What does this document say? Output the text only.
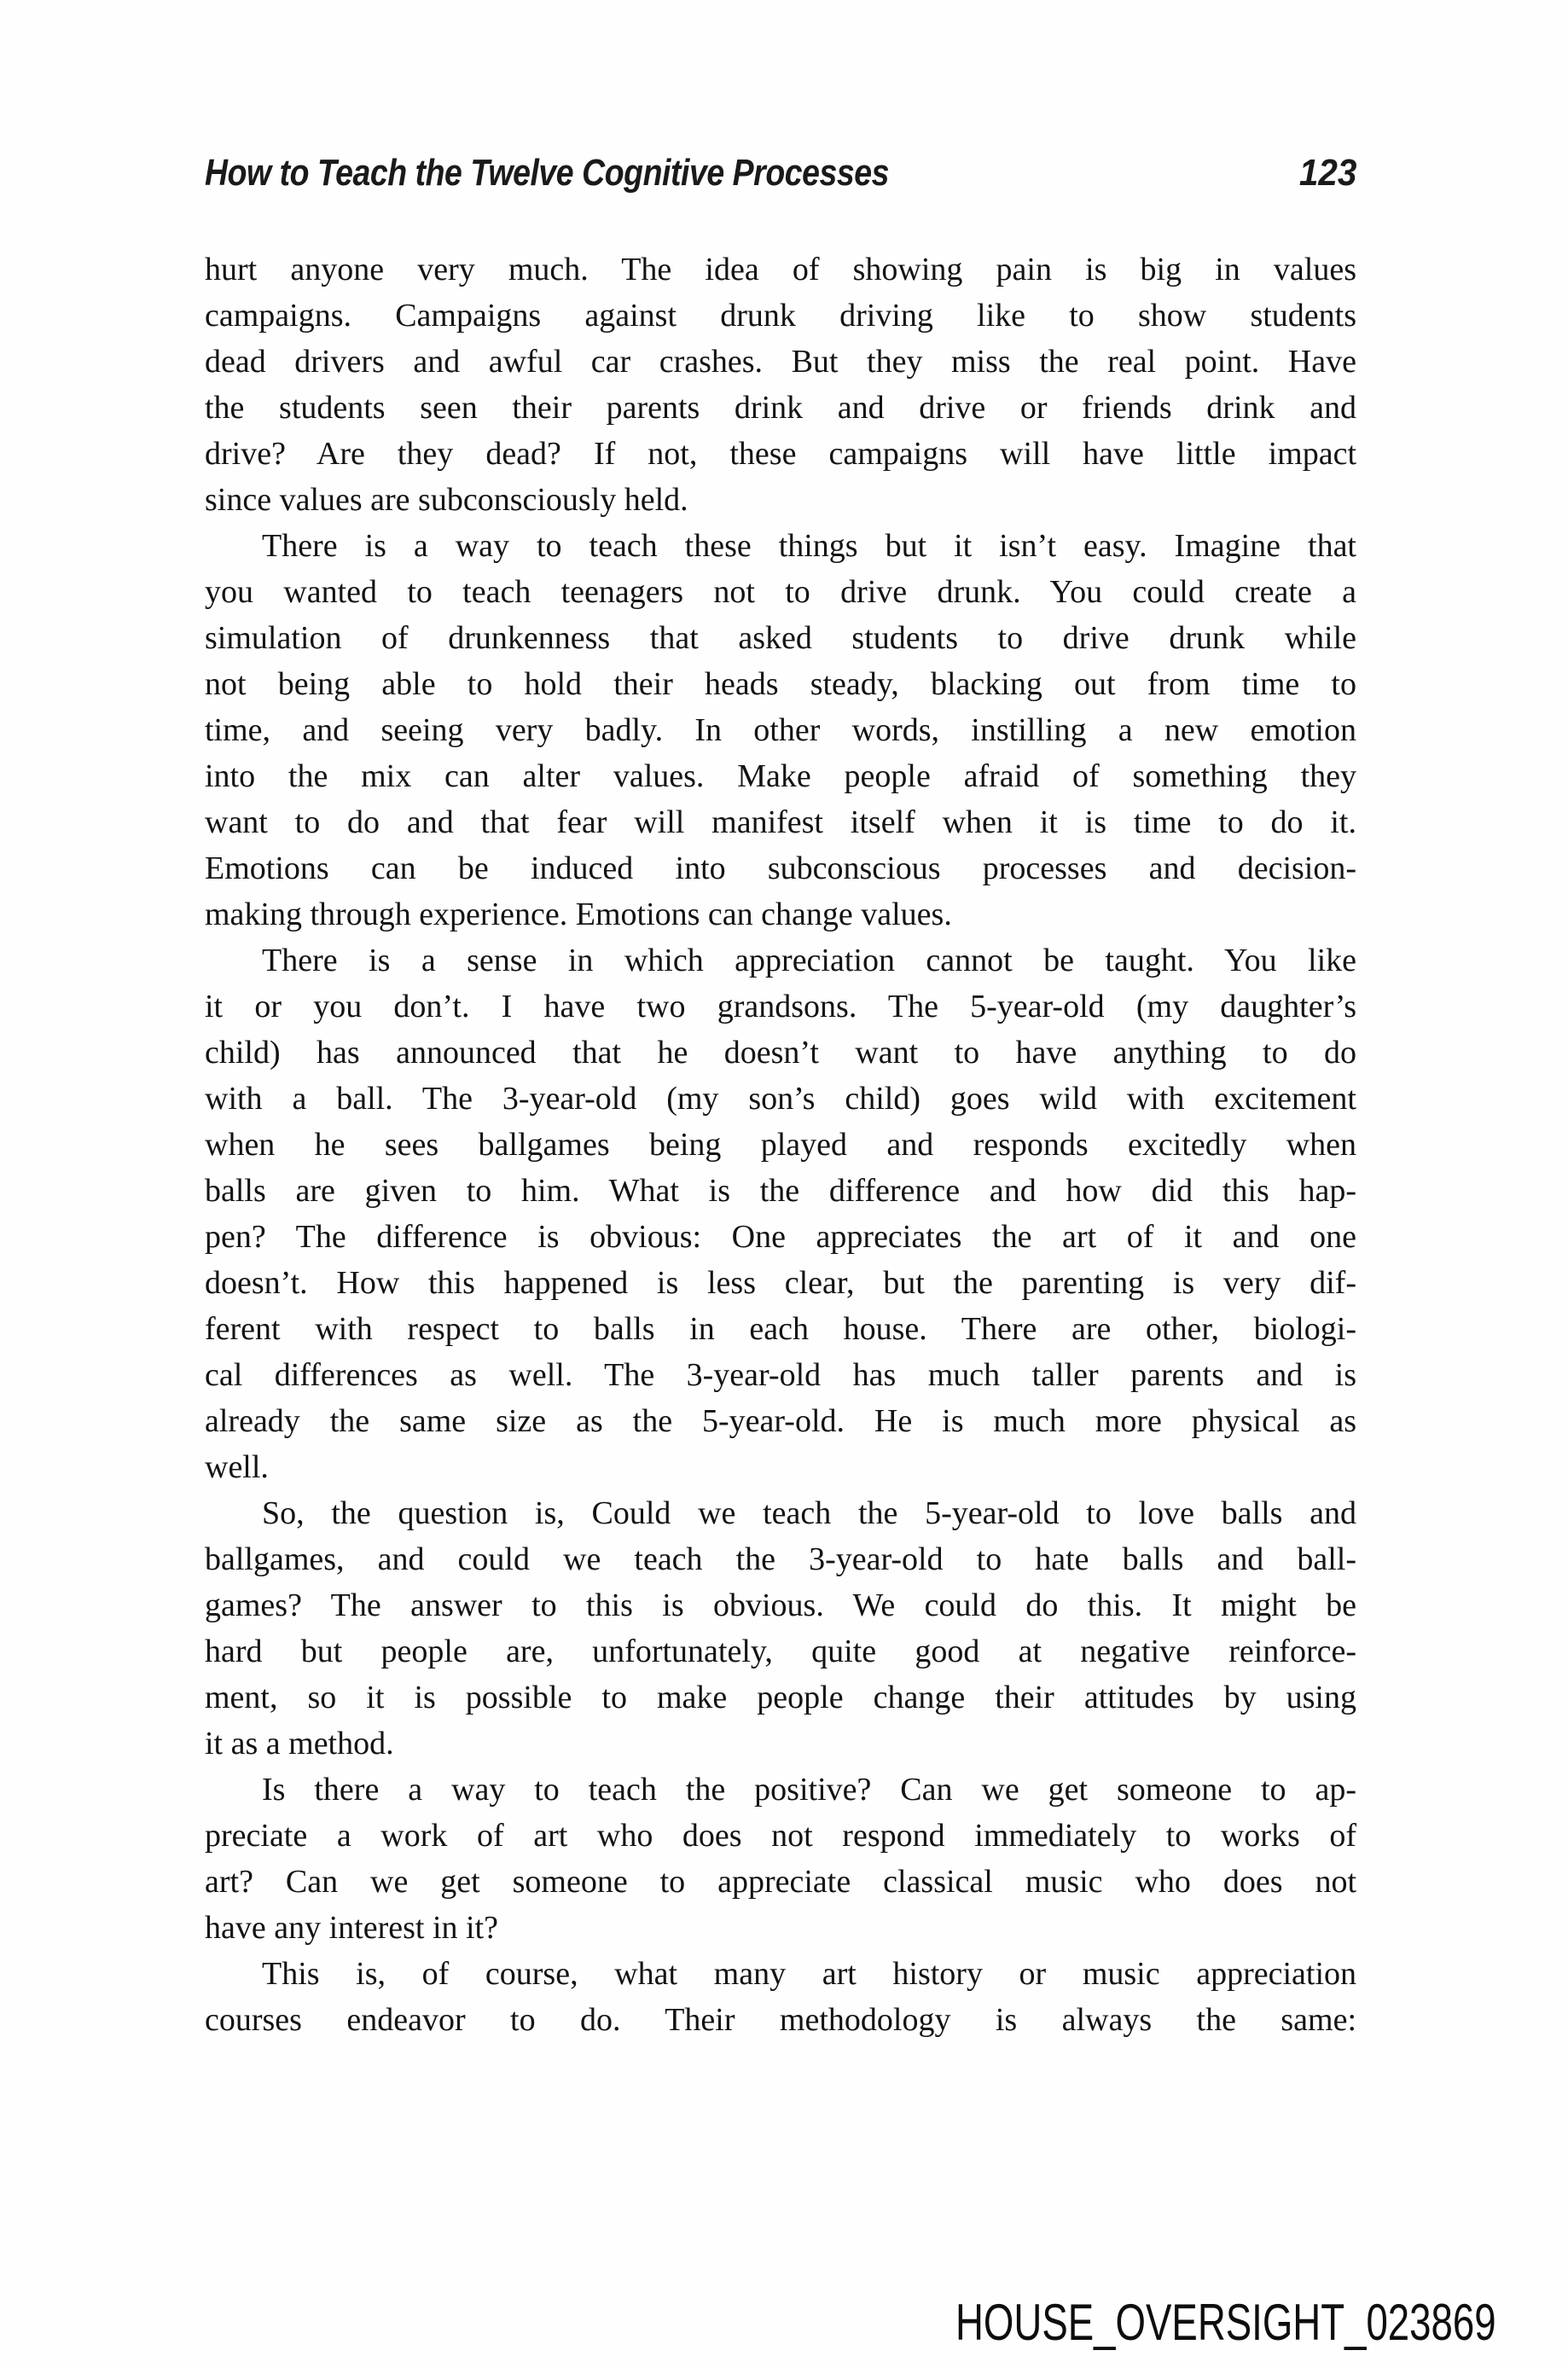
How to Teach the Twelve Cognitive Processes	123
hurt anyone very much. The idea of showing pain is big in values
campaigns. Campaigns against drunk driving like to show students
dead drivers and awful car crashes. But they miss the real point. Have
the students seen their parents drink and drive or friends drink and
drive? Are they dead? If not, these campaigns will have little impact
since values are subconsciously held.
There is a way to teach these things but it isn’t easy. Imagine that
you wanted to teach teenagers not to drive drunk. You could create a
simulation of drunkenness that asked students to drive drunk while
not being able to hold their heads steady, blacking out from time to
time, and seeing very badly. In other words, instilling a new emotion
into the mix can alter values. Make people afraid of something they
want to do and that fear will manifest itself when it is time to do it.
Emotions can be induced into subconscious processes and decision-
making through experience. Emotions can change values.
There is a sense in which appreciation cannot be taught. You like
it or you don’t. I have two grandsons. The 5-year-old (my daughter’s
child) has announced that he doesn’t want to have anything to do
with a ball. The 3-year-old (my son’s child) goes wild with excitement
when he sees ballgames being played and responds excitedly when
balls are given to him. What is the difference and how did this hap-
pen? The difference is obvious: One appreciates the art of it and one
doesn’t. How this happened is less clear, but the parenting is very dif-
ferent with respect to balls in each house. There are other, biologi-
cal differences as well. The 3-year-old has much taller parents and is
already the same size as the 5-year-old. He is much more physical as
well.
So, the question is, Could we teach the 5-year-old to love balls and
ballgames, and could we teach the 3-year-old to hate balls and ball-
games? The answer to this is obvious. We could do this. It might be
hard but people are, unfortunately, quite good at negative reinforce-
ment, so it is possible to make people change their attitudes by using
it as a method.
Is there a way to teach the positive? Can we get someone to ap-
preciate a work of art who does not respond immediately to works of
art? Can we get someone to appreciate classical music who does not
have any interest in it?
This is, of course, what many art history or music appreciation
courses endeavor to do. Their methodology is always the same:
HOUSE_OVERSIGHT_023869
